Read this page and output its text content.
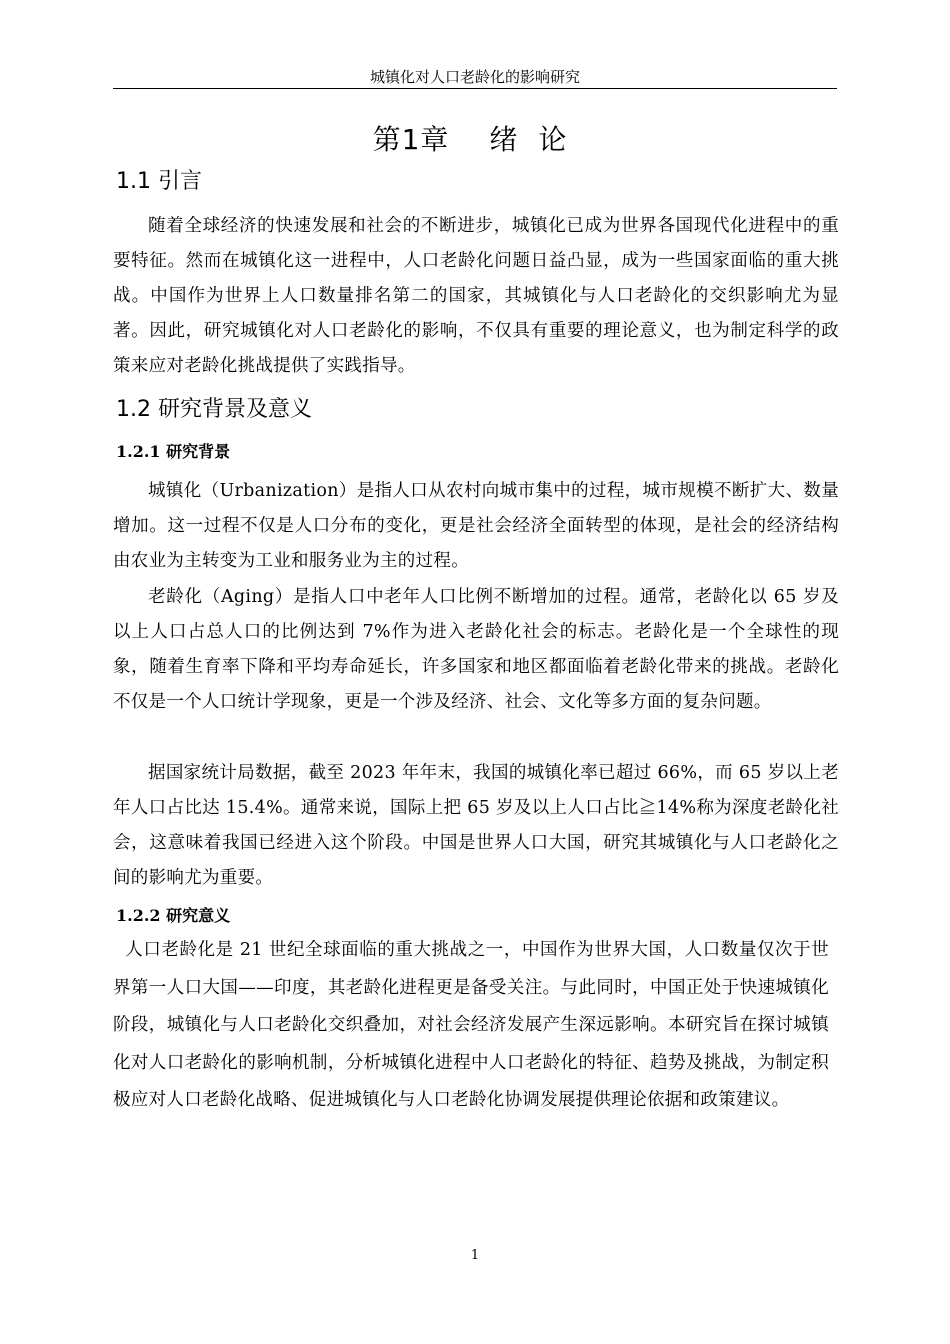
城镇化对人口老龄化的影响研究
第1章 绪 论
1.1 引言

随着全球经济的快速发展和社会的不断进步，城镇化已成为世界各国现代化进程中的重要特征。然而在城镇化这一进程中，人口老龄化问题日益凸显，成为一些国家面临的重大挑战。中国作为世界上人口数量排名第二的国家，其城镇化与人口老龄化的交织影响尤为显著。因此，研究城镇化对人口老龄化的影响，不仅具有重要的理论意义，也为制定科学的政策来应对老龄化挑战提供了实践指导。

1.2 研究背景及意义
1.2.1 研究背景

城镇化（Urbanization）是指人口从农村向城市集中的过程，城市规模不断扩大、数量增加。这一过程不仅是人口分布的变化，更是社会经济全面转型的体现，是社会的经济结构由农业为主转变为工业和服务业为主的过程。

老龄化（Aging）是指人口中老年人口比例不断增加的过程。通常，老龄化以 65 岁及以上人口占总人口的比例达到 7%作为进入老龄化社会的标志。老龄化是一个全球性的现象，随着生育率下降和平均寿命延长，许多国家和地区都面临着老龄化带来的挑战。老龄化不仅是一个人口统计学现象，更是一个涉及经济、社会、文化等多方面的复杂问题。

据国家统计局数据，截至 2023 年年末，我国的城镇化率已超过 66%，而 65 岁以上老年人口占比达 15.4%。通常来说，国际上把 65 岁及以上人口占比≧14%称为深度老龄化社会，这意味着我国已经进入这个阶段。中国是世界人口大国，研究其城镇化与人口老龄化之间的影响尤为重要。

1.2.2 研究意义

人口老龄化是 21 世纪全球面临的重大挑战之一，中国作为世界大国，人口数量仅次于世界第一人口大国——印度，其老龄化进程更是备受关注。与此同时，中国正处于快速城镇化阶段，城镇化与人口老龄化交织叠加，对社会经济发展产生深远影响。本研究旨在探讨城镇化对人口老龄化的影响机制，分析城镇化进程中人口老龄化的特征、趋势及挑战，为制定积极应对人口老龄化战略、促进城镇化与人口老龄化协调发展提供理论依据和政策建议。

1
